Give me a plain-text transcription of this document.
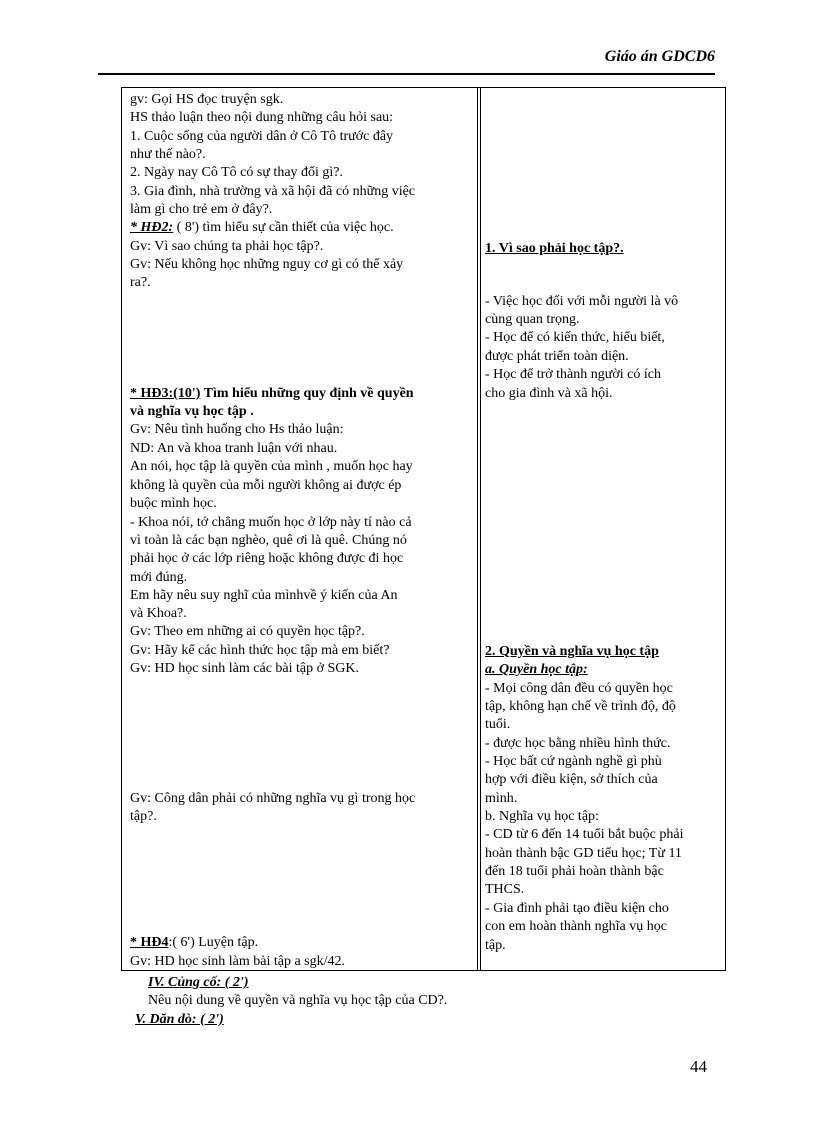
Giáo án GDCD6
gv: Gọi HS đọc truyện sgk.
HS thảo luận theo nội dung những câu hỏi sau:
1. Cuộc sống của người dân ở Cô Tô trước đây
như thế nào?.
2. Ngày nay Cô Tô có sự thay đổi gì?.
3. Gia đình, nhà trường và xã hội đã có những việc
làm gì cho trẻ em ở đây?.
* HĐ2: ( 8') tìm hiểu sự cần thiết của việc học.
Gv: Vì sao chúng ta phải học tập?.
Gv: Nếu không học những nguy cơ gì có thể xảy
ra?.
* HĐ3:(10') Tìm hiểu những quy định về quyền
và nghĩa vụ học tập .
Gv: Nêu tình huống cho Hs thảo luận:
ND: An và khoa tranh luận với nhau.
An nói, học tập là quyền của mình , muốn học hay
không là quyền của mỗi người không ai được ép
buộc mình học.
- Khoa nói, tớ chẳng muốn học ở lớp này tí nào cả
vì toàn là các bạn nghèo, quê ơi là quê. Chúng nó
phải học ở các lớp riêng hoặc không được đi học
mới đúng.
Em hãy nêu suy nghĩ của mìnhvề ý kiến của An
và Khoa?.
Gv: Theo em những ai có quyền học tập?.
Gv: Hãy kể các hình thức học tập mà em biết?
Gv: HD học sinh làm các bài tập ở SGK.
Gv: Công dân phải có những nghĩa vụ gì trong học
tập?.
* HĐ4:( 6') Luyện tập.
Gv: HD học sinh làm bài tập a sgk/42.
1. Vì sao phải học tập?.
- Việc học đối với mỗi người là vô
cùng quan trọng.
- Học để có kiến thức, hiểu biết,
được phát triển toàn diện.
- Học để trở thành người có ích
cho gia đình và xã hội.
2. Quyền và nghĩa vụ học tập
a. Quyền học tập:
- Mọi công dân đều có quyền học
tập, không hạn chế về trình độ, độ
tuổi.
- được học bằng nhiều hình thức.
- Học bất cứ ngành nghề gì phù
hợp với điều kiện, sở thích của
mình.
b. Nghĩa vụ học tập:
- CD từ 6 đến 14 tuổi bắt buộc phải
hoàn thành bậc GD tiểu học; Từ 11
đến 18 tuổi phải hoàn thành bậc
THCS.
- Gia đình phải tạo điều kiện cho
con em hoàn thành nghĩa vụ học
tập.
IV. Củng cố: ( 2')
Nêu nội dung về quyền và nghĩa vụ học tập của CD?.
V. Dăn dò: ( 2')
44
